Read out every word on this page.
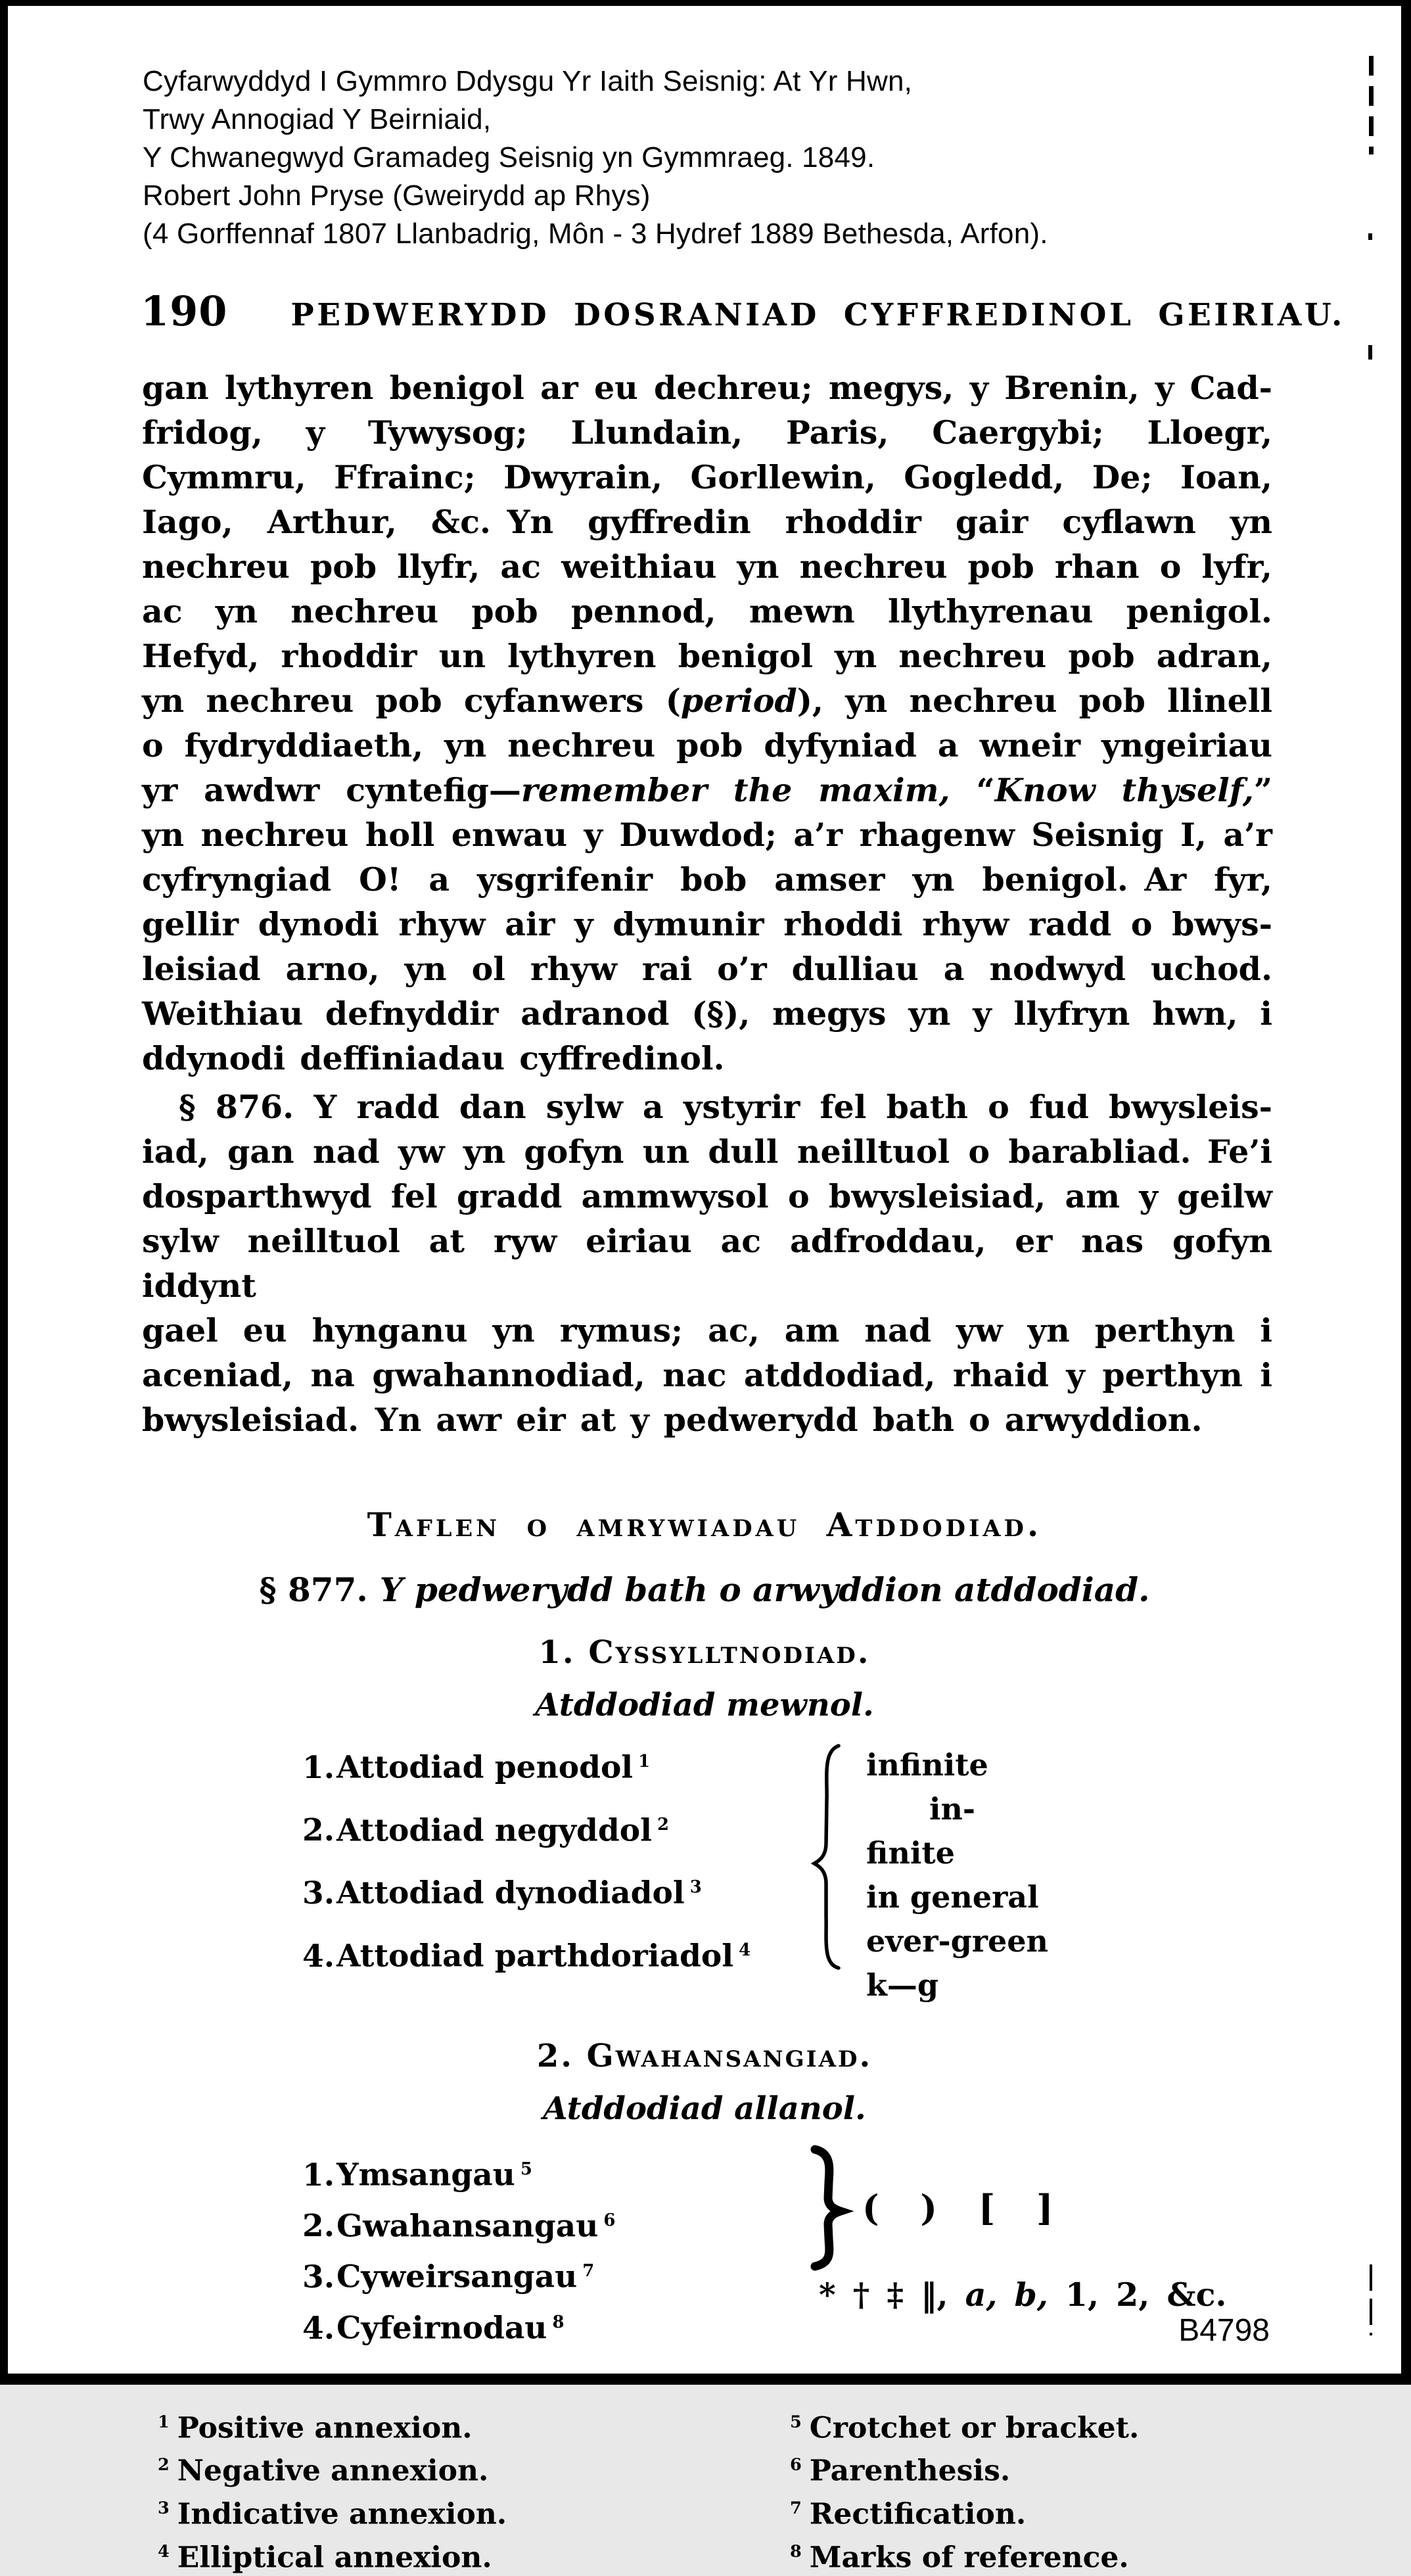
Cyfarwyddyd I Gymmro Ddysgu Yr Iaith Seisnig: At Yr Hwn,
Trwy Annogiad Y Beirniaid,
Y Chwanegwyd Gramadeg Seisnig yn Gymmraeg. 1849.
Robert John Pryse (Gweirydd ap Rhys)
(4 Gorffennaf 1807 Llanbadrig, Môn - 3 Hydref 1889 Bethesda, Arfon).
190 PEDWERYDD DOSRANIAD CYFFREDINOL GEIRIAU.
gan lythyren benigol ar eu dechreu; megys, y Brenin, y Cad-
fridog, y Tywysog; Llundain, Paris, Caergybi; Lloegr,
Cymmru, Ffrainc; Dwyrain, Gorllewin, Gogledd, De; Ioan,
Iago, Arthur, &c. Yn gyffredin rhoddir gair cyflawn yn
nechreu pob llyfr, ac weithiau yn nechreu pob rhan o lyfr,
ac yn nechreu pob pennod, mewn llythyrenau penigol.
Hefyd, rhoddir un lythyren benigol yn nechreu pob adran,
yn nechreu pob cyfanwers (period), yn nechreu pob llinell
o fydryddiaeth, yn nechreu pob dyfyniad a wneir yngeiriau
yr awdwr cyntefig—remember the maxim, “Know thyself,”
yn nechreu holl enwau y Duwdod; a’r rhagenw Seisnig I, a’r
cyfryngiad O! a ysgrifenir bob amser yn benigol. Ar fyr,
gellir dynodi rhyw air y dymunir rhoddi rhyw radd o bwys-
leisiad arno, yn ol rhyw rai o’r dulliau a nodwyd uchod.
Weithiau defnyddir adranod (§), megys yn y llyfryn hwn, i
ddynodi deffiniadau cyffredinol.
§ 876. Y radd dan sylw a ystyrir fel bath o fud bwysleis-
iad, gan nad yw yn gofyn un dull neilltuol o barabliad. Fe’i
dosparthwyd fel gradd ammwysol o bwysleisiad, am y geilw
sylw neilltuol at ryw eiriau ac adfroddau, er nas gofyn iddynt
gael eu hynganu yn rymus; ac, am nad yw yn perthyn i
aceniad, na gwahannodiad, nac atddodiad, rhaid y perthyn i
bwysleisiad. Yn awr eir at y pedwerydd bath o arwyddion.
Taflen o amrywiadau Atddodiad.
§ 877. Y pedwerydd bath o arwyddion atddodiad.
1. Cyssylltnodiad.
Atddodiad mewnol.
1.Attodiad penodol $^1$
2.Attodiad negyddol $^2$
3.Attodiad dynodiadol $^3$
4.Attodiad parthdoriadol $^4$
infinite
in-
finite
in general
ever-green
k—g
2. Gwahansangiad.
Atddodiad allanol.
1.Ymsangau $^5$
2.Gwahansangau $^6$
3.Cyweirsangau $^7$
4.Cyfeirnodau $^8$
( ) [ ]
* † ‡ ‖, a, b, 1, 2, &c.
$^1$ Positive annexion.
$^2$ Negative annexion.
$^3$ Indicative annexion.
$^4$ Elliptical annexion.
$^5$ Crotchet or bracket.
$^6$ Parenthesis.
$^7$ Rectification.
$^8$ Marks of reference.
B4798
